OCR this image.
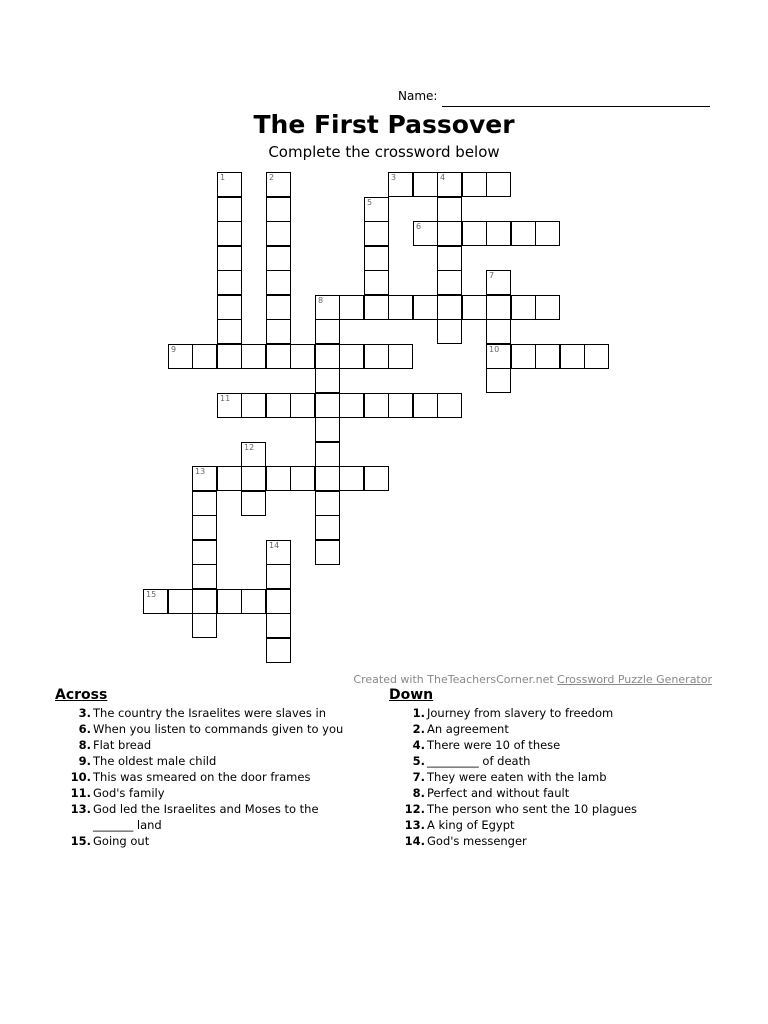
Name:
The First Passover
Complete the crossword below
1	2	3	4
5
6
7
10
8
9
11
12
13
14
15
Created with TheTeachersCorner.net Crossword Puzzle Generator
Across
3. The country the Israelites were slaves in
6. When you listen to commands given to you
8. Flat bread
9. The oldest male child
10. This was smeared on the door frames
11. God's family
13. God led the Israelites and Moses to the _______ land
15. Going out
Down
1. Journey from slavery to freedom
2. An agreement
4. There were 10 of these
5. _________ of death
7. They were eaten with the lamb
8. Perfect and without fault
12. The person who sent the 10 plagues
13. A king of Egypt
14. God's messenger
